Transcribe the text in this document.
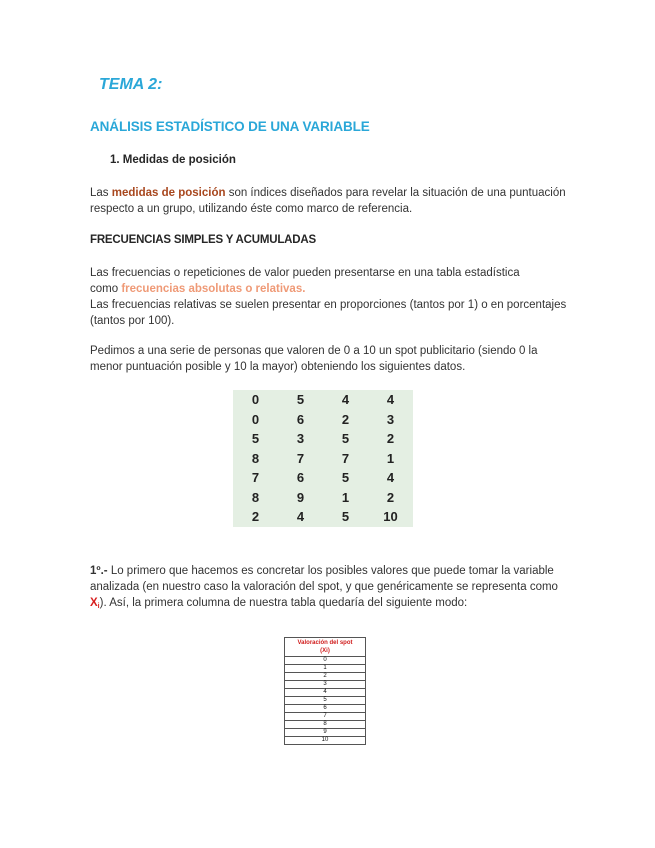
TEMA 2:
ANÁLISIS ESTADÍSTICO DE UNA VARIABLE
1. Medidas de posición
Las medidas de posición son índices diseñados para revelar la situación de una puntuación respecto a un grupo, utilizando éste como marco de referencia.
FRECUENCIAS SIMPLES Y ACUMULADAS
Las frecuencias o repeticiones de valor pueden presentarse en una tabla estadística
como frecuencias absolutas o relativas.
Las frecuencias relativas se suelen presentar en proporciones (tantos por 1) o en porcentajes (tantos por 100).
Pedimos a una serie de personas que valoren de 0 a 10 un spot publicitario (siendo 0 la menor puntuación posible y 10 la mayor) obteniendo los siguientes datos.
0	5	4	4
0	6	2	3
5	3	5	2
8	7	7	1
7	6	5	4
8	9	1	2
2	4	5	10
1º.- Lo primero que hacemos es concretar los posibles valores que puede tomar la variable analizada (en nuestro caso la valoración del spot, y que genéricamente se representa como $X_i$). Así, la primera columna de nuestra tabla quedaría del siguiente modo:
Valoración del spot
(Xi)
0
1
2
3
4
5
6
7
8
9
10
